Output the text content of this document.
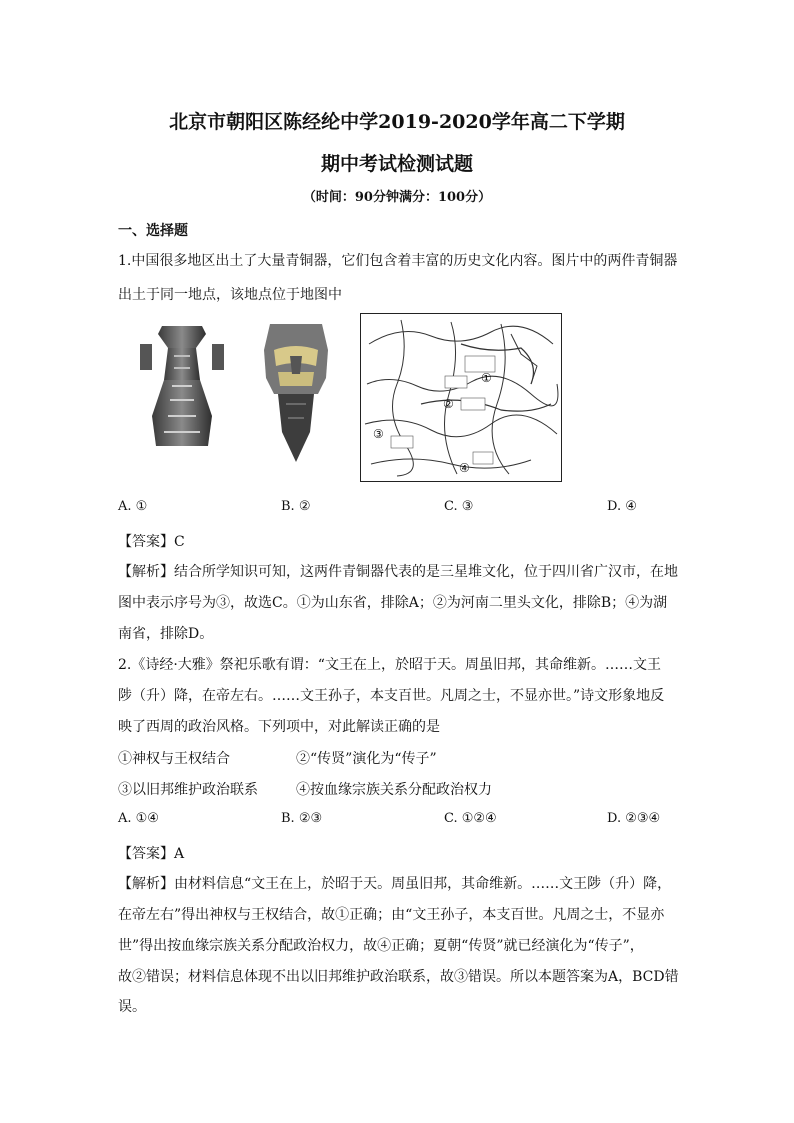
北京市朝阳区陈经纶中学2019-2020学年高二下学期
期中考试检测试题
（时间：90分钟满分：100分）
一、选择题
1.中国很多地区出土了大量青铜器，它们包含着丰富的历史文化内容。图片中的两件青铜器
出土于同一地点，该地点位于地图中
①
②
③
④
A. ①	B. ②	C. ③	D. ④
【答案】C
【解析】结合所学知识可知，这两件青铜器代表的是三星堆文化，位于四川省广汉市，在地
图中表示序号为③，故选C。①为山东省，排除A；②为河南二里头文化，排除B；④为湖
南省，排除D。
2.《诗经·大雅》祭祀乐歌有谓：“文王在上，於昭于天。周虽旧邦，其命维新。……文王
陟（升）降，在帝左右。……文王孙子，本支百世。凡周之士，不显亦世。”诗文形象地反
映了西周的政治风格。下列项中，对此解读正确的是
①神权与王权结合	②“传贤”演化为“传子”
③以旧邦维护政治联系	④按血缘宗族关系分配政治权力
A. ①④	B. ②③	C. ①②④	D. ②③④
【答案】A
【解析】由材料信息“文王在上，於昭于天。周虽旧邦，其命维新。……文王陟（升）降，
在帝左右”得出神权与王权结合，故①正确；由“文王孙子，本支百世。凡周之士，不显亦
世”得出按血缘宗族关系分配政治权力，故④正确；夏朝“传贤”就已经演化为“传子”，
故②错误；材料信息体现不出以旧邦维护政治联系，故③错误。所以本题答案为A，BCD错
误。
